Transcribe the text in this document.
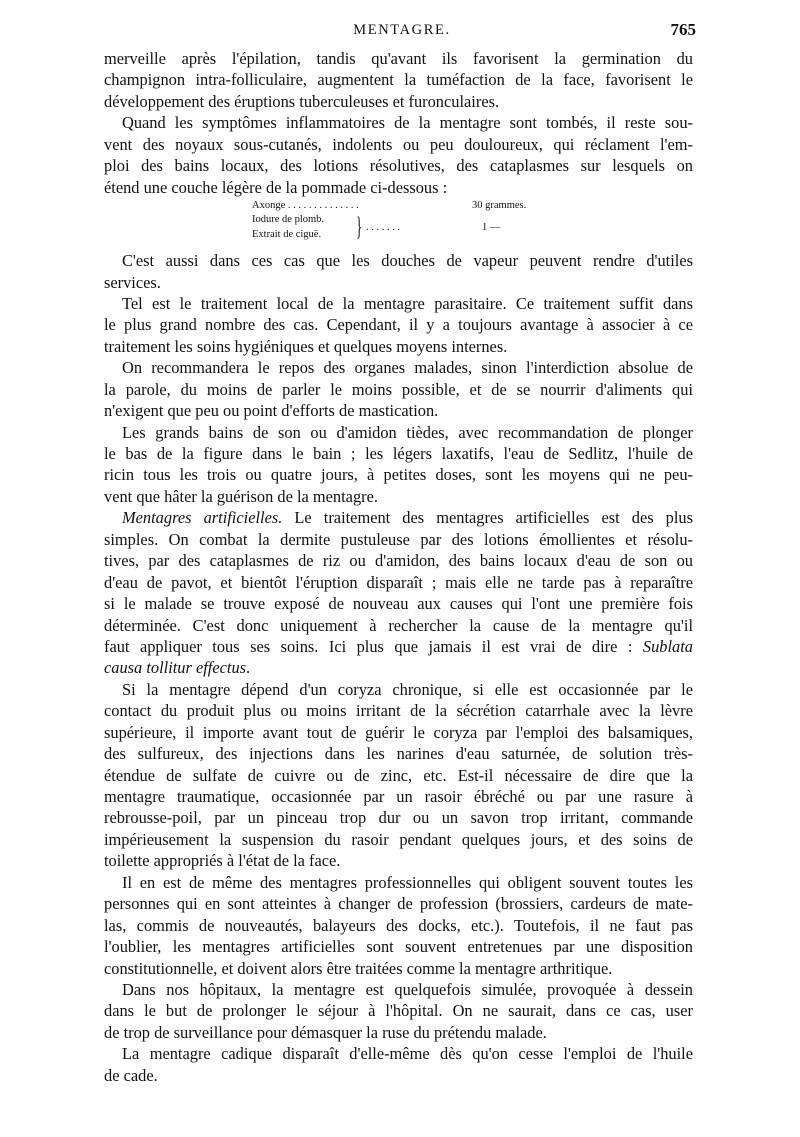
MENTAGRE.	765
merveille après l'épilation, tandis qu'avant ils favorisent la germination du
champignon intra-folliculaire, augmentent la tuméfaction de la face, favorisent le
développement des éruptions tuberculeuses et furonculaires.
Quand les symptômes inflammatoires de la mentagre sont tombés, il reste sou-
vent des noyaux sous-cutanés, indolents ou peu douloureux, qui réclament l'em-
ploi des bains locaux, des lotions résolutives, des cataplasmes sur lesquels on
étend une couche légère de la pommade ci-dessous :
Axonge . . . . . . . . . . . . . .	30 grammes.
Iodure de plomb.
Extrait de ciguë. } . . . . . . .	1 —
C'est aussi dans ces cas que les douches de vapeur peuvent rendre d'utiles
services.
Tel est le traitement local de la mentagre parasitaire. Ce traitement suffit dans
le plus grand nombre des cas. Cependant, il y a toujours avantage à associer à ce
traitement les soins hygiéniques et quelques moyens internes.
On recommandera le repos des organes malades, sinon l'interdiction absolue de
la parole, du moins de parler le moins possible, et de se nourrir d'aliments qui
n'exigent que peu ou point d'efforts de mastication.
Les grands bains de son ou d'amidon tièdes, avec recommandation de plonger
le bas de la figure dans le bain ; les légers laxatifs, l'eau de Sedlitz, l'huile de
ricin tous les trois ou quatre jours, à petites doses, sont les moyens qui ne peu-
vent que hâter la guérison de la mentagre.
Mentagres artificielles. Le traitement des mentagres artificielles est des plus
simples. On combat la dermite pustuleuse par des lotions émollientes et résolu-
tives, par des cataplasmes de riz ou d'amidon, des bains locaux d'eau de son ou
d'eau de pavot, et bientôt l'éruption disparaît ; mais elle ne tarde pas à reparaître
si le malade se trouve exposé de nouveau aux causes qui l'ont une première fois
déterminée. C'est donc uniquement à rechercher la cause de la mentagre qu'il
faut appliquer tous ses soins. Ici plus que jamais il est vrai de dire : Sublata
causa tollitur effectus.
Si la mentagre dépend d'un coryza chronique, si elle est occasionnée par le
contact du produit plus ou moins irritant de la sécrétion catarrhale avec la lèvre
supérieure, il importe avant tout de guérir le coryza par l'emploi des balsamiques,
des sulfureux, des injections dans les narines d'eau saturnée, de solution très-
étendue de sulfate de cuivre ou de zinc, etc. Est-il nécessaire de dire que la
mentagre traumatique, occasionnée par un rasoir ébréché ou par une rasure à
rebrousse-poil, par un pinceau trop dur ou un savon trop irritant, commande
impérieusement la suspension du rasoir pendant quelques jours, et des soins de
toilette appropriés à l'état de la face.
Il en est de même des mentagres professionnelles qui obligent souvent toutes les
personnes qui en sont atteintes à changer de profession (brossiers, cardeurs de mate-
las, commis de nouveautés, balayeurs des docks, etc.). Toutefois, il ne faut pas
l'oublier, les mentagres artificielles sont souvent entretenues par une disposition
constitutionnelle, et doivent alors être traitées comme la mentagre arthritique.
Dans nos hôpitaux, la mentagre est quelquefois simulée, provoquée à dessein
dans le but de prolonger le séjour à l'hôpital. On ne saurait, dans ce cas, user
de trop de surveillance pour démasquer la ruse du prétendu malade.
La mentagre cadique disparaît d'elle-même dès qu'on cesse l'emploi de l'huile
de cade.
